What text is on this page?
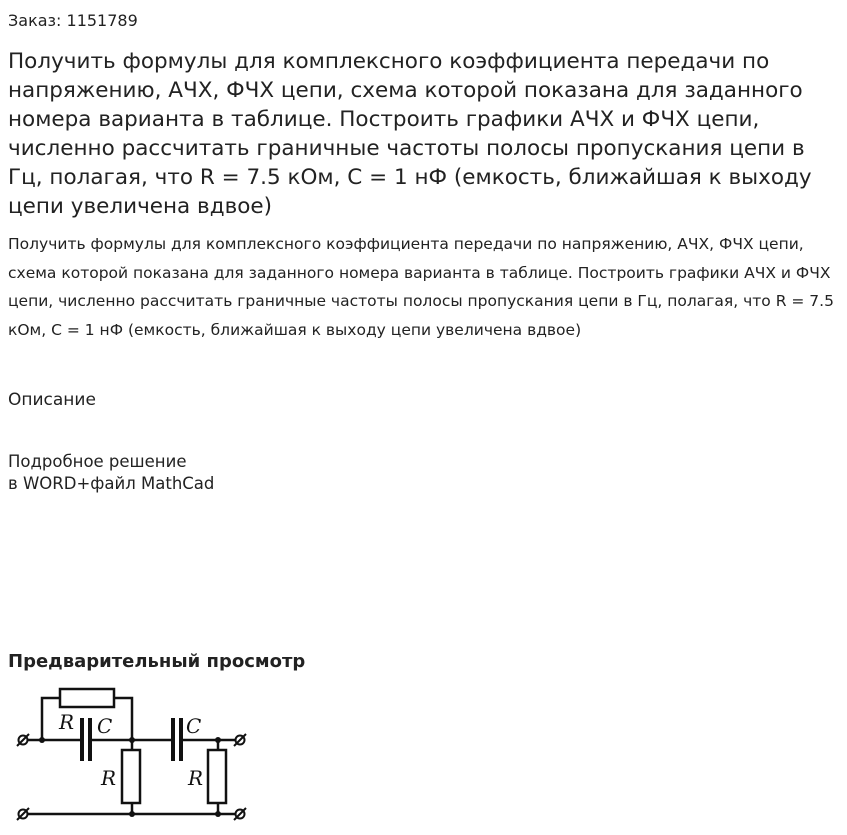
Заказ: 1151789
Получить формулы для комплексного коэффициента передачи по напряжению, АЧХ, ФЧХ цепи, схема которой показана для заданного номера варианта в таблице. Построить графики АЧХ и ФЧХ цепи, численно рассчитать граничные частоты полосы пропускания цепи в Гц, полагая, что R = 7.5 кОм, C = 1 нФ (емкость, ближайшая к выходу цепи увеличена вдвое)

Получить формулы для комплексного коэффициента передачи по напряжению, АЧХ, ФЧХ цепи, схема которой показана для заданного номера варианта в таблице. Построить графики АЧХ и ФЧХ цепи, численно рассчитать граничные частоты полосы пропускания цепи в Гц, полагая, что R = 7.5 кОм, C = 1 нФ (емкость, ближайшая к выходу цепи увеличена вдвое)

Описание
Подробное решение
в WORD+файл MathCad
Предварительный просмотр
R C	C
R	R
